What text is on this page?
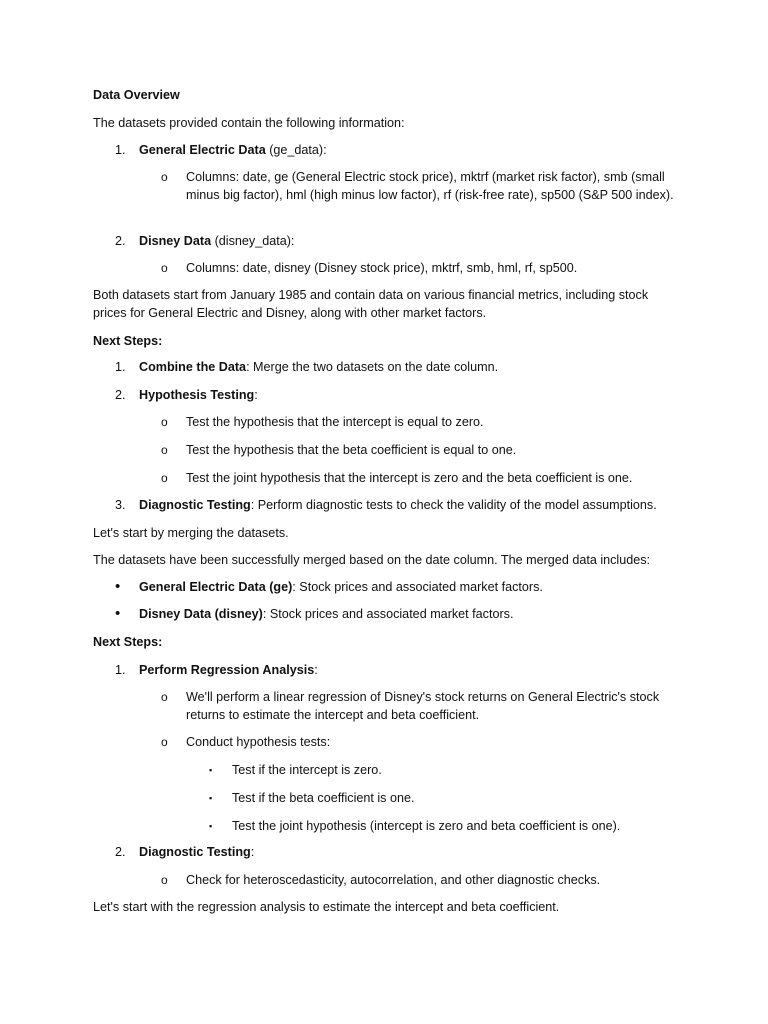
Data Overview
The datasets provided contain the following information:
1. General Electric Data (ge_data):
o Columns: date, ge (General Electric stock price), mktrf (market risk factor), smb (small minus big factor), hml (high minus low factor), rf (risk-free rate), sp500 (S&P 500 index).
2. Disney Data (disney_data):
o Columns: date, disney (Disney stock price), mktrf, smb, hml, rf, sp500.
Both datasets start from January 1985 and contain data on various financial metrics, including stock prices for General Electric and Disney, along with other market factors.
Next Steps:
1. Combine the Data: Merge the two datasets on the date column.
2. Hypothesis Testing:
o Test the hypothesis that the intercept is equal to zero.
o Test the hypothesis that the beta coefficient is equal to one.
o Test the joint hypothesis that the intercept is zero and the beta coefficient is one.
3. Diagnostic Testing: Perform diagnostic tests to check the validity of the model assumptions.
Let's start by merging the datasets.
The datasets have been successfully merged based on the date column. The merged data includes:
• General Electric Data (ge): Stock prices and associated market factors.
• Disney Data (disney): Stock prices and associated market factors.
Next Steps:
1. Perform Regression Analysis:
o We'll perform a linear regression of Disney's stock returns on General Electric's stock returns to estimate the intercept and beta coefficient.
o Conduct hypothesis tests:
▪ Test if the intercept is zero.
▪ Test if the beta coefficient is one.
▪ Test the joint hypothesis (intercept is zero and beta coefficient is one).
2. Diagnostic Testing:
o Check for heteroscedasticity, autocorrelation, and other diagnostic checks.
Let's start with the regression analysis to estimate the intercept and beta coefficient.
